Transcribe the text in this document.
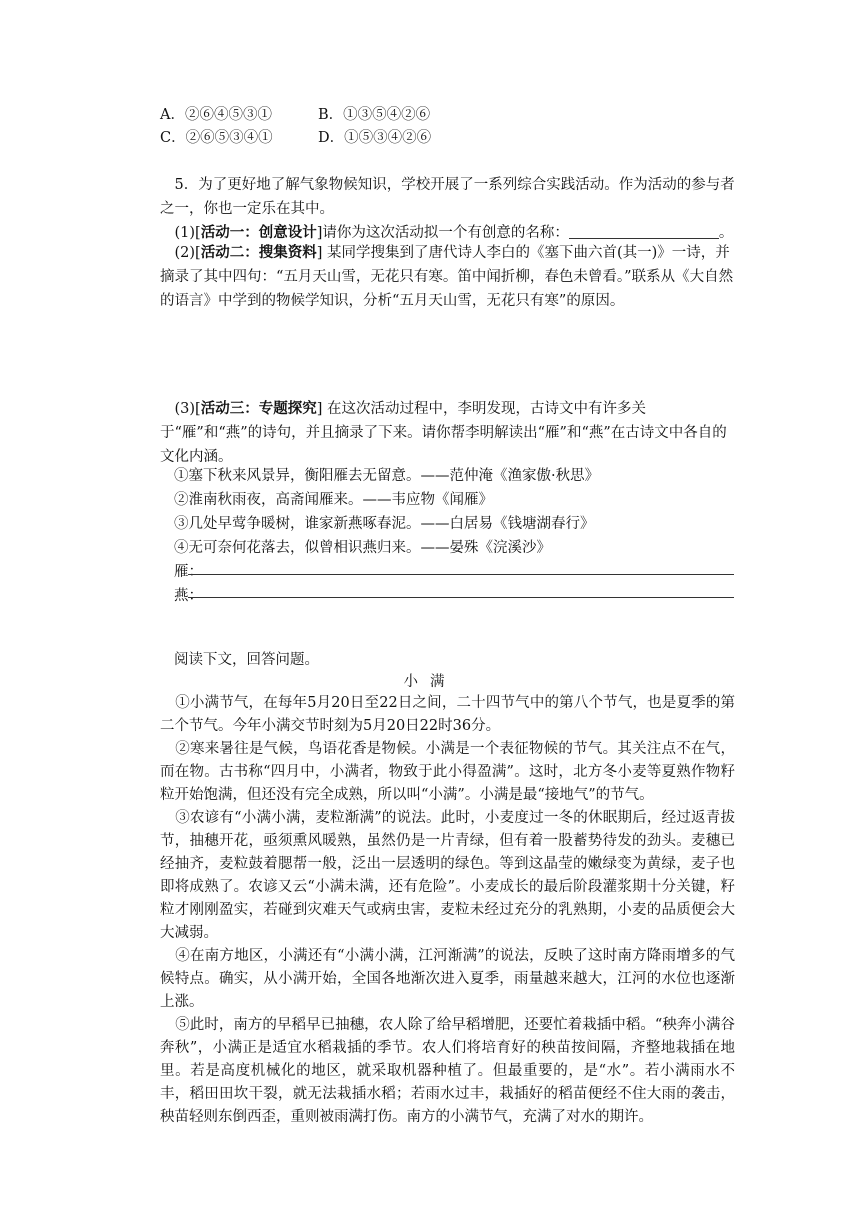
A．②⑥④⑤③①	B．①③⑤④②⑥
C．②⑥⑤③④①	D．①⑤③④②⑥
5．为了更好地了解气象物候知识，学校开展了一系列综合实践活动。作为活动的参与者之一，你也一定乐在其中。
(1)[活动一：创意设计]请你为这次活动拟一个有创意的名称：	。
(2)[活动二：搜集资料] 某同学搜集到了唐代诗人李白的《塞下曲六首(其一)》一诗，并摘录了其中四句：“五月天山雪，无花只有寒。笛中闻折柳，春色未曾看。”联系从《大自然的语言》中学到的物候学知识，分析“五月天山雪，无花只有寒”的原因。
(3)[活动三：专题探究] 在这次活动过程中，李明发现，古诗文中有许多关于“雁”和“燕”的诗句，并且摘录了下来。请你帮李明解读出“雁”和“燕”在古诗文中各自的文化内涵。
①塞下秋来风景异，衡阳雁去无留意。——范仲淹《渔家傲·秋思》
②淮南秋雨夜，高斋闻雁来。——韦应物《闻雁》
③几处早莺争暖树，谁家新燕啄春泥。——白居易《钱塘湖春行》
④无可奈何花落去，似曾相识燕归来。——晏殊《浣溪沙》
雁：
燕：
阅读下文，回答问题。
小满

①小满节气，在每年5月20日至22日之间，二十四节气中的第八个节气，也是夏季的第二个节气。今年小满交节时刻为5月20日22时36分。

②寒来暑往是气候，鸟语花香是物候。小满是一个表征物候的节气。其关注点不在气，而在物。古书称“四月中，小满者，物致于此小得盈满”。这时，北方冬小麦等夏熟作物籽粒开始饱满，但还没有完全成熟，所以叫“小满”。小满是最“接地气”的节气。

③农谚有“小满小满，麦粒渐满”的说法。此时，小麦度过一冬的休眠期后，经过返青拔节，抽穗开花，亟须熏风暖熟，虽然仍是一片青绿，但有着一股蓄势待发的劲头。麦穗已经抽齐，麦粒鼓着腮帮一般，泛出一层透明的绿色。等到这晶莹的嫩绿变为黄绿，麦子也即将成熟了。农谚又云“小满未满，还有危险”。小麦成长的最后阶段灌浆期十分关键，籽粒才刚刚盈实，若碰到灾难天气或病虫害，麦粒未经过充分的乳熟期，小麦的品质便会大大减弱。

④在南方地区，小满还有“小满小满，江河渐满”的说法，反映了这时南方降雨增多的气候特点。确实，从小满开始，全国各地渐次进入夏季，雨量越来越大，江河的水位也逐渐上涨。

⑤此时，南方的早稻早已抽穗，农人除了给早稻增肥，还要忙着栽插中稻。“秧奔小满谷奔秋”，小满正是适宜水稻栽插的季节。农人们将培育好的秧苗按间隔，齐整地栽插在地里。若是高度机械化的地区，就采取机器种植了。但最重要的，是“水”。若小满雨水不丰，稻田田坎干裂，就无法栽插水稻；若雨水过丰，栽插好的稻苗便经不住大雨的袭击，秧苗轻则东倒西歪，重则被雨满打伤。南方的小满节气，充满了对水的期许。
